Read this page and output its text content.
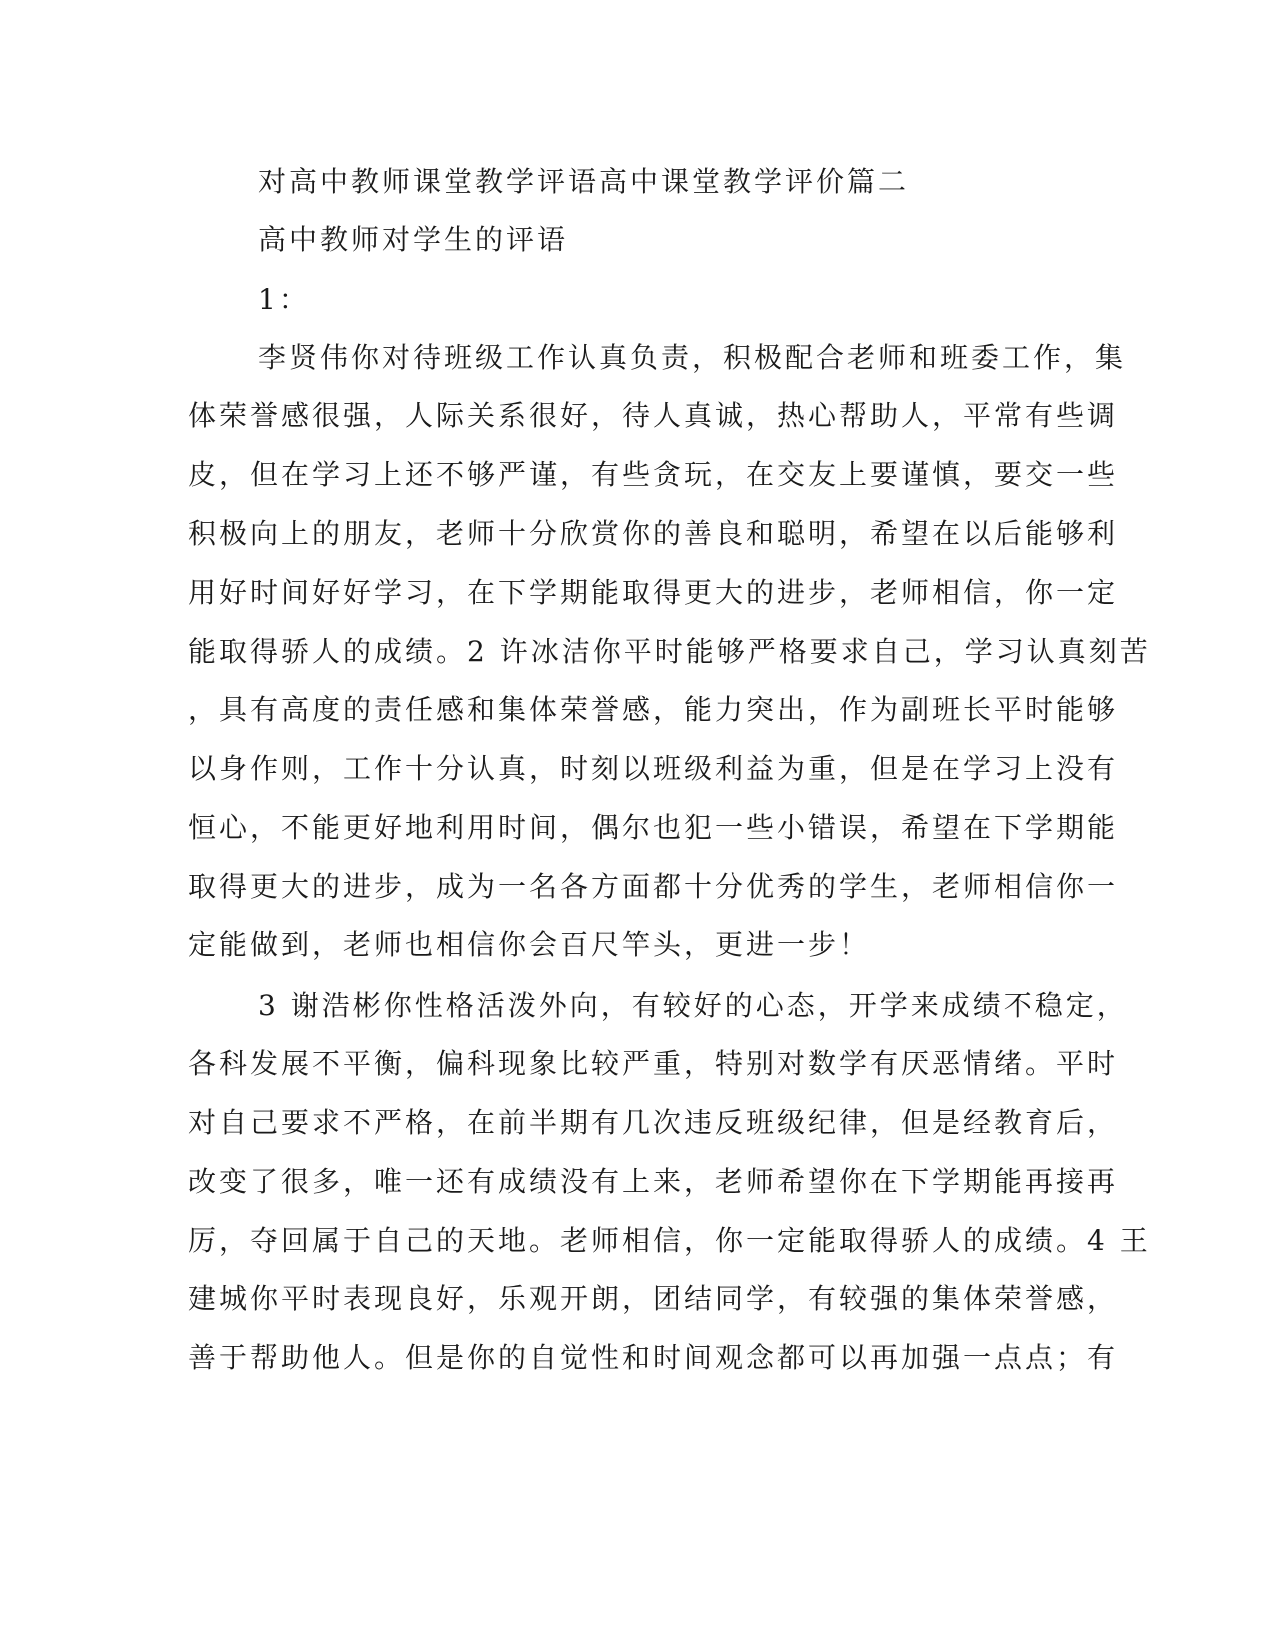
对高中教师课堂教学评语高中课堂教学评价篇二
高中教师对学生的评语
1：
李贤伟你对待班级工作认真负责，积极配合老师和班委工作，集
体荣誉感很强，人际关系很好，待人真诚，热心帮助人，平常有些调
皮，但在学习上还不够严谨，有些贪玩，在交友上要谨慎，要交一些
积极向上的朋友，老师十分欣赏你的善良和聪明，希望在以后能够利
用好时间好好学习，在下学期能取得更大的进步，老师相信，你一定
能取得骄人的成绩。2 许冰洁你平时能够严格要求自己，学习认真刻苦
，具有高度的责任感和集体荣誉感，能力突出，作为副班长平时能够
以身作则，工作十分认真，时刻以班级利益为重，但是在学习上没有
恒心，不能更好地利用时间，偶尔也犯一些小错误，希望在下学期能
取得更大的进步，成为一名各方面都十分优秀的学生，老师相信你一
定能做到，老师也相信你会百尺竿头，更进一步！
3 谢浩彬你性格活泼外向，有较好的心态，开学来成绩不稳定，
各科发展不平衡，偏科现象比较严重，特别对数学有厌恶情绪。平时
对自己要求不严格，在前半期有几次违反班级纪律，但是经教育后，
改变了很多，唯一还有成绩没有上来，老师希望你在下学期能再接再
厉，夺回属于自己的天地。老师相信，你一定能取得骄人的成绩。4 王
建城你平时表现良好，乐观开朗，团结同学，有较强的集体荣誉感，
善于帮助他人。但是你的自觉性和时间观念都可以再加强一点点；有
